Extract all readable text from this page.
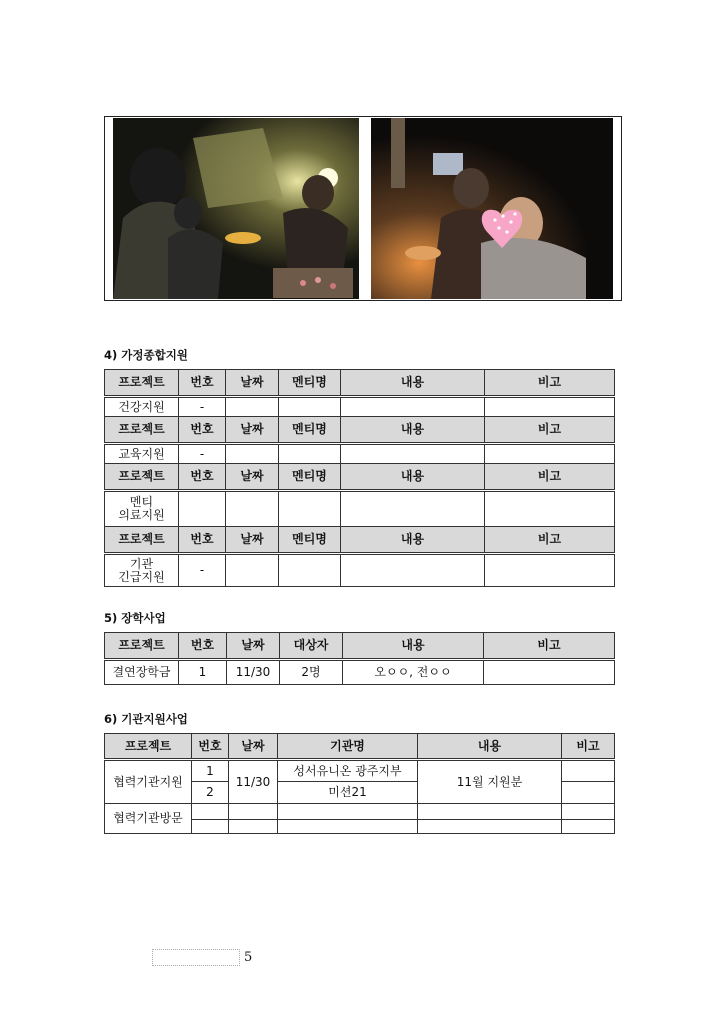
4) 가정종합지원
프로젝트	번호	날짜	멘티명	내용	비고
건강지원	-				
프로젝트	번호	날짜	멘티명	내용	비고
교육지원	-				
프로젝트	번호	날짜	멘티명	내용	비고
멘티
의료지원					
프로젝트	번호	날짜	멘티명	내용	비고
기관
긴급지원	-				
5) 장학사업
프로젝트	번호	날짜	대상자	내용	비고
결연장학금	1	11/30	2명	오ㅇㅇ, 전ㅇㅇ	
6) 기관지원사업
프로젝트	번호	날짜	기관명	내용	비고
협력기관지원	1	11/30	성서유니온 광주지부	11월 지원분	
	2		미션21		
협력기관방문					

5
